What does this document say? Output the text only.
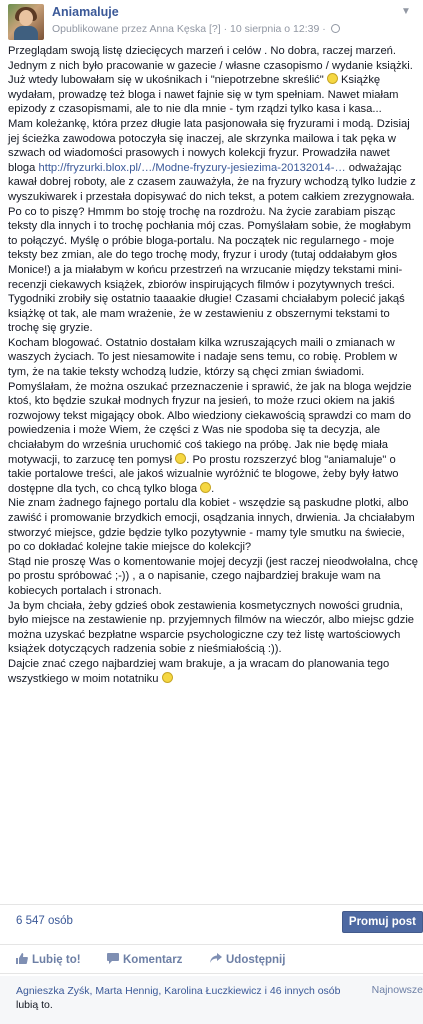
Aniamaluje
Opublikowane przez Anna Kęska [?] · 10 sierpnia o 12:39 ·
▼

Przeglądam swoją listę dziecięcych marzeń i celów . No dobra, raczej marzeń. Jednym z nich było pracowanie w gazecie / własne czasopismo / wydanie książki. Już wtedy lubowałam się w ukośnikach i "niepotrzebne skreślić"  Książkę wydałam, prowadzę też bloga i nawet fajnie się w tym spełniam. Nawet miałam epizody z czasopismami, ale to nie dla mnie - tym rządzi tylko kasa i kasa...

Mam koleżankę, która przez długie lata pasjonowała się fryzurami i modą. Dzisiaj jej ścieżka zawodowa potoczyła się inaczej, ale skrzynka mailowa i tak pęka w szwach od wiadomości prasowych i nowych kolekcji fryzur. Prowadziła nawet bloga http://fryzurki.blox.pl/…/Modne-fryzury-jesiezima-20132014-… odważając kawał dobrej roboty, ale z czasem zauważyła, że na fryzury wchodzą tylko ludzie z wyszukiwarek i przestała dopisywać do nich tekst, a potem całkiem zrezygnowała.

Po co to piszę? Hmmm bo stoję trochę na rozdrożu. Na życie zarabiam pisząc teksty dla innych i to trochę pochłania mój czas. Pomyślałam sobie, że mogłabym to połączyć. Myślę o próbie bloga-portalu. Na początek nic regularnego - moje teksty bez zmian, ale do tego trochę mody, fryzur i urody (tutaj oddałabym głos Monice!) a ja miałabym w końcu przestrzeń na wrzucanie między tekstami mini-recenzji ciekawych książek, zbiorów inspirujących filmów i pozytywnych treści. Tygodniki zrobiły się ostatnio taaaakie długie! Czasami chciałabym polecić jakąś książkę ot tak, ale mam wrażenie, że w zestawieniu z obszernymi tekstami to trochę się gryzie.

Kocham blogować. Ostatnio dostałam kilka wzruszających maili o zmianach w waszych życiach. To jest niesamowite i nadaje sens temu, co robię. Problem w tym, że na takie teksty wchodzą ludzie, którzy są chęci zmian świadomi. Pomyślałam, że można oszukać przeznaczenie i sprawić, że jak na bloga wejdzie ktoś, kto będzie szukał modnych fryzur na jesień, to może rzuci okiem na jakiś rozwojowy tekst migający obok. Albo wiedziony ciekawością sprawdzi co mam do powiedzenia i może Wiem, że części z Was nie spodoba się ta decyzja, ale chciałabym do września uruchomić coś takiego na próbę. Jak nie będę miała motywacji, to zarzucę ten pomysł . Po prostu rozszerzyć blog "aniamaluje" o takie portalowe treści, ale jakoś wizualnie wyróżnić te blogowe, żeby były łatwo dostępne dla tych, co chcą tylko bloga .

Nie znam żadnego fajnego portalu dla kobiet - wszędzie są paskudne plotki, albo zawiść i promowanie brzydkich emocji, osądzania innych, drwienia. Ja chciałabym stworzyć miejsce, gdzie będzie tylko pozytywnie - mamy tyle smutku na świecie, po co dokładać kolejne takie miejsce do kolekcji?

Stąd nie proszę Was o komentowanie mojej decyzji (jest raczej nieodwołalna, chcę po prostu spróbować ;-)) , a o napisanie, czego najbardziej brakuje wam na kobiecych portalach i stronach.

Ja bym chciała, żeby gdzieś obok zestawienia kosmetycznych nowości grudnia, było miejsce na zestawienie np. przyjemnych filmów na wieczór, albo miejsc gdzie można uzyskać bezpłatne wsparcie psychologiczne czy też listę wartościowych książek dotyczących radzenia sobie z nieśmiałością :)).

Dajcie znać czego najbardziej wam brakuje, a ja wracam do planowania tego wszystkiego w moim notatniku

6 547 osób	Promuj post
Lubię to!	Komentarz	Udostępnij
Agnieszka Zyśk, Marta Hennig, Karolina Łuczkiewicz i 46 innych osób lubią to.
Najnowsze
